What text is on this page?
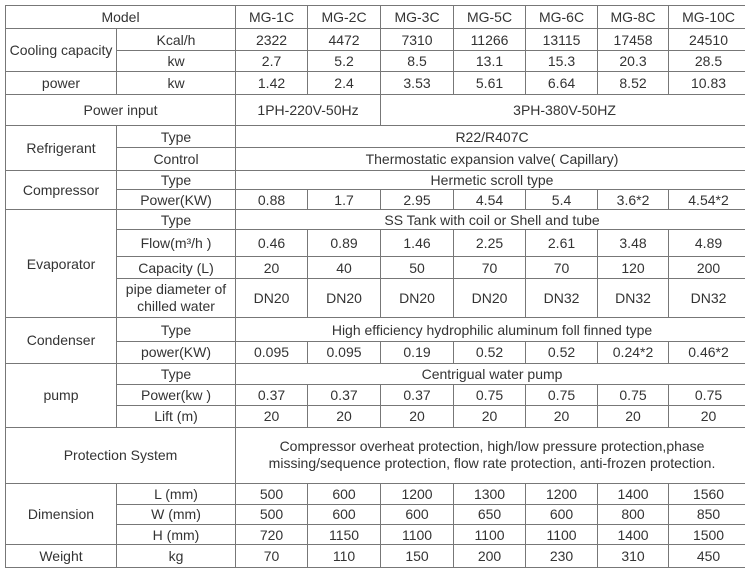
Model		MG-1C	MG-2C	MG-3C	MG-5C	MG-6C	MG-8C	MG-10C
Cooling capacity	Kcal/h	2322	4472	7310	11266	13115	17458	24510
	kw	2.7	5.2	8.5	13.1	15.3	20.3	28.5
power	kw	1.42	2.4	3.53	5.61	6.64	8.52	10.83
Power input		1PH-220V-50Hz		3PH-380V-50HZ				
Refrigerant	Type	R22/R407C						
	Control	Thermostatic expansion valve( Capillary)						
Compressor	Type	Hermetic scroll type						
	Power(KW)	0.88	1.7	2.95	4.54	5.4	3.6*2	4.54*2
Evaporator	Type	SS Tank with coil or Shell and tube						
	Flow(m³/h )	0.46	0.89	1.46	2.25	2.61	3.48	4.89
	Capacity (L)	20	40	50	70	70	120	200
	pipe diameter of chilled water	DN20	DN20	DN20	DN20	DN32	DN32	DN32
Condenser	Type	High efficiency hydrophilic aluminum foll finned type						
	power(KW)	0.095	0.095	0.19	0.52	0.52	0.24*2	0.46*2
pump	Type	Centrigual water pump						
	Power(kw )	0.37	0.37	0.37	0.75	0.75	0.75	0.75
	Lift (m)	20	20	20	20	20	20	20
Protection System		Compressor overheat protection, high/low pressure protection,phase missing/sequence protection, flow rate protection, anti-frozen protection.						
Dimension	L (mm)	500	600	1200	1300	1200	1400	1560
	W (mm)	500	600	600	650	600	800	850
	H (mm)	720	1150	1100	1100	1100	1400	1500
Weight	kg	70	110	150	200	230	310	450
